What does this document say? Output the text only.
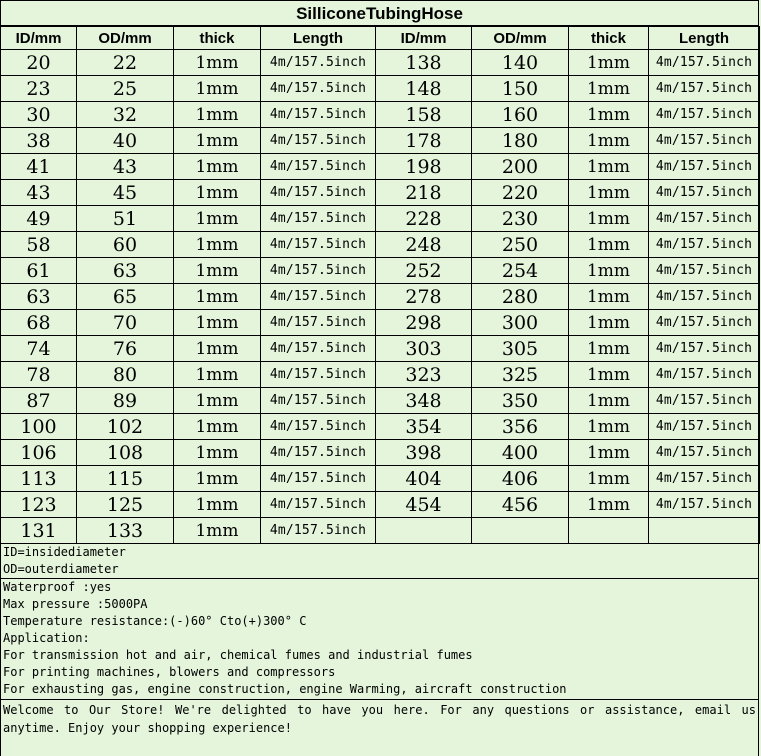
SilliconeTubingHose
ID/mm	OD/mm	thick	Length	ID/mm	OD/mm	thick	Length
20	22	1mm	4m/157.5inch	138	140	1mm	4m/157.5inch
23	25	1mm	4m/157.5inch	148	150	1mm	4m/157.5inch
30	32	1mm	4m/157.5inch	158	160	1mm	4m/157.5inch
38	40	1mm	4m/157.5inch	178	180	1mm	4m/157.5inch
41	43	1mm	4m/157.5inch	198	200	1mm	4m/157.5inch
43	45	1mm	4m/157.5inch	218	220	1mm	4m/157.5inch
49	51	1mm	4m/157.5inch	228	230	1mm	4m/157.5inch
58	60	1mm	4m/157.5inch	248	250	1mm	4m/157.5inch
61	63	1mm	4m/157.5inch	252	254	1mm	4m/157.5inch
63	65	1mm	4m/157.5inch	278	280	1mm	4m/157.5inch
68	70	1mm	4m/157.5inch	298	300	1mm	4m/157.5inch
74	76	1mm	4m/157.5inch	303	305	1mm	4m/157.5inch
78	80	1mm	4m/157.5inch	323	325	1mm	4m/157.5inch
87	89	1mm	4m/157.5inch	348	350	1mm	4m/157.5inch
100	102	1mm	4m/157.5inch	354	356	1mm	4m/157.5inch
106	108	1mm	4m/157.5inch	398	400	1mm	4m/157.5inch
113	115	1mm	4m/157.5inch	404	406	1mm	4m/157.5inch
123	125	1mm	4m/157.5inch	454	456	1mm	4m/157.5inch
131	133	1mm	4m/157.5inch				
ID=insidediameter
OD=outerdiameter
Waterproof :yes
Max pressure :5000PA
Temperature resistance:(-)60° Cto(+)300° C
Application:
For transmission hot and air, chemical fumes and industrial fumes
For printing machines, blowers and compressors
For exhausting gas, engine construction, engine Warming, aircraft construction
Welcome to Our Store! We're delighted to have you here. For any questions or assistance, email us anytime. Enjoy your shopping experience!
